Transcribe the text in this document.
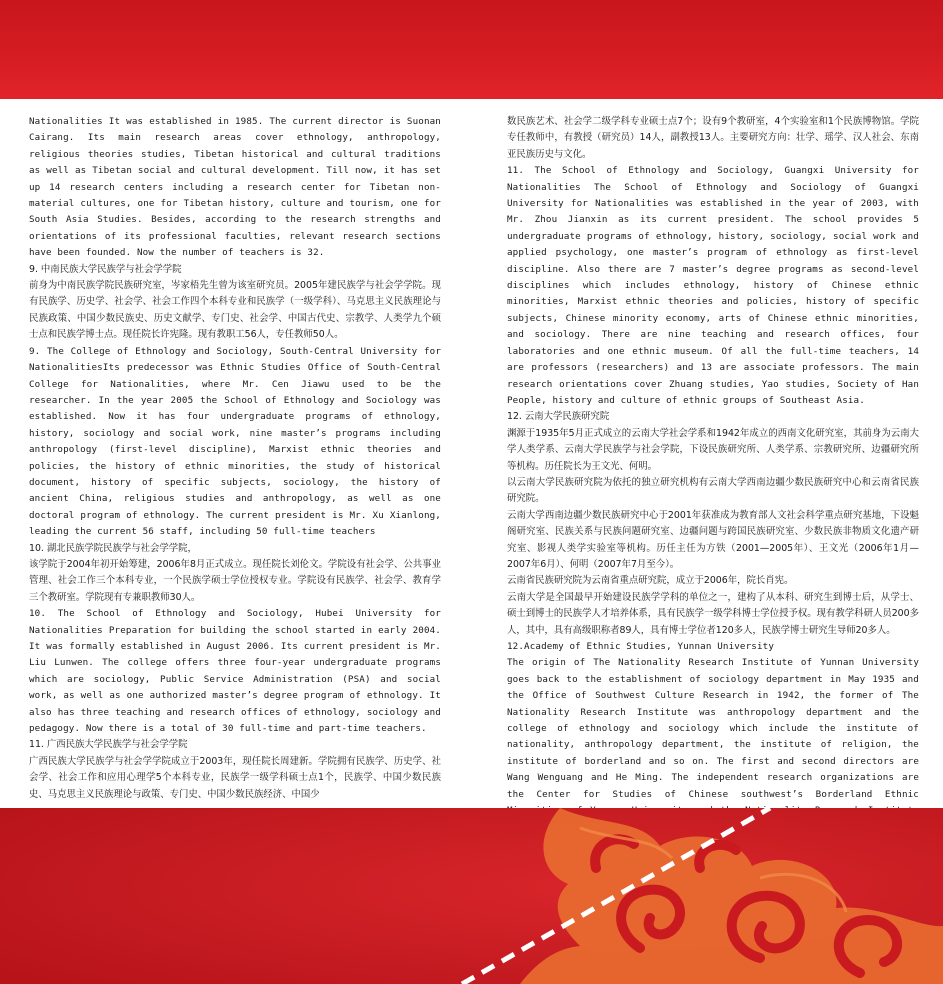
Nationalities It was established in 1985. The current director is Suonan Cairang. Its main research areas cover ethnology, anthropology, religious theories studies, Tibetan historical and cultural traditions as well as Tibetan social and cultural development. Till now, it has set up 14 research centers including a research center for Tibetan non-material cultures, one for Tibetan history, culture and tourism, one for South Asia Studies. Besides, according to the research strengths and orientations of its professional faculties, relevant research sections have been founded. Now the number of teachers is 32.

9. 中南民族大学民族学与社会学学院

前身为中南民族学院民族研究室，岑家梧先生曾为该室研究员。2005年建民族学与社会学学院。现有民族学、历史学、社会学、社会工作四个本科专业和民族学（一级学科）、马克思主义民族理论与民族政策、中国少数民族史、历史文献学、专门史、社会学、中国古代史、宗教学、人类学九个硕士点和民族学博士点。现任院长许宪隆。现有教职工56人，专任教师50人。

9. The College of Ethnology and Sociology, South-Central University for NationalitiesIts predecessor was Ethnic Studies Office of South-Central College for Nationalities, where Mr. Cen Jiawu used to be the researcher. In the year 2005 the School of Ethnology and Sociology was established. Now it has four undergraduate programs of ethnology, history, sociology and social work, nine master’s programs including anthropology (first-level discipline), Marxist ethnic theories and policies, the history of ethnic minorities, the study of historical document, history of specific subjects, sociology, the history of ancient China, religious studies and anthropology, as well as one doctoral program of ethnology. The current president is Mr. Xu Xianlong, leading the current 56 staff, including 50 full-time teachers

10. 湖北民族学院民族学与社会学学院，

该学院于2004年初开始筹建，2006年8月正式成立。现任院长刘伦文。学院设有社会学、公共事业管理、社会工作三个本科专业，一个民族学硕士学位授权专业。学院设有民族学、社会学、教育学三个教研室。学院现有专兼职教师30人。

10. The School of Ethnology and Sociology, Hubei University for Nationalities Preparation for building the school started in early 2004. It was formally established in August 2006. Its current president is Mr. Liu Lunwen. The college offers three four-year undergraduate programs which are sociology, Public Service Administration (PSA) and social work, as well as one authorized master’s degree program of ethnology. It also has three teaching and research offices of ethnology, sociology and pedagogy. Now there is a total of 30 full-time and part-time teachers.

11. 广西民族大学民族学与社会学学院

广西民族大学民族学与社会学学院成立于2003年，现任院长周建新。学院拥有民族学、历史学、社会学、社会工作和应用心理学5个本科专业，民族学一级学科硕士点1个，民族学、中国少数民族史、马克思主义民族理论与政策、专门史、中国少数民族经济、中国少

数民族艺术、社会学二级学科专业硕士点7个；设有9个教研室，4个实验室和1个民族博物馆。学院专任教师中，有教授（研究员）14人，副教授13人。主要研究方向：壮学、瑶学、汉人社会、东南亚民族历史与文化。

11. The School of Ethnology and Sociology, Guangxi University for Nationalities The School of Ethnology and Sociology of Guangxi University for Nationalities was established in the year of 2003, with Mr. Zhou Jianxin as its current president. The school provides 5 undergraduate programs of ethnology, history, sociology, social work and applied psychology, one master’s program of ethnology as first-level discipline. Also there are 7 master’s degree programs as second-level disciplines which includes ethnology, history of Chinese ethnic minorities, Marxist ethnic theories and policies, history of specific subjects, Chinese minority economy, arts of Chinese ethnic minorities, and sociology. There are nine teaching and research offices, four laboratories and one ethnic museum. Of all the full-time teachers, 14 are professors (researchers) and 13 are associate professors. The main research orientations cover Zhuang studies, Yao studies, Society of Han People, history and culture of ethnic groups of Southeast Asia.

12. 云南大学民族研究院

渊源于1935年5月正式成立的云南大学社会学系和1942年成立的西南文化研究室，其前身为云南大学人类学系、云南大学民族学与社会学院，下设民族研究所、人类学系、宗教研究所、边疆研究所等机构。历任院长为王文光、何明。

以云南大学民族研究院为依托的独立研究机构有云南大学西南边疆少数民族研究中心和云南省民族研究院。

云南大学西南边疆少数民族研究中心于2001年获准成为教育部人文社会科学重点研究基地，下设魁阁研究室、民族关系与民族问题研究室、边疆问题与跨国民族研究室、少数民族非物质文化遗产研究室、影视人类学实验室等机构。历任主任为方铁（2001—2005年）、王文光（2006年1月—2007年6月）、何明（2007年7月至今）。

云南省民族研究院为云南省重点研究院，成立于2006年，院长肖宪。

云南大学是全国最早开始建设民族学学科的单位之一，建构了从本科、研究生到博士后，从学士、硕士到博士的民族学人才培养体系，具有民族学一级学科博士学位授予权。现有教学科研人员200多人，其中，具有高级职称者89人，具有博士学位者120多人，民族学博士研究生导师20多人。

12.Academy of Ethnic Studies, Yunnan University

The origin of The Nationality Research Institute of Yunnan University goes back to the establishment of sociology department in May 1935 and the Office of Southwest Culture Research in 1942, the former of The Nationality Research Institute was anthropology department and the college of ethnology and sociology which include the institute of nationality, anthropology department, the institute of religion, the institute of borderland and so on. The first and second directors are Wang Wenguang and He Ming. The independent research organizations are the Center for Studies of Chinese southwest’s Borderland Ethnic
